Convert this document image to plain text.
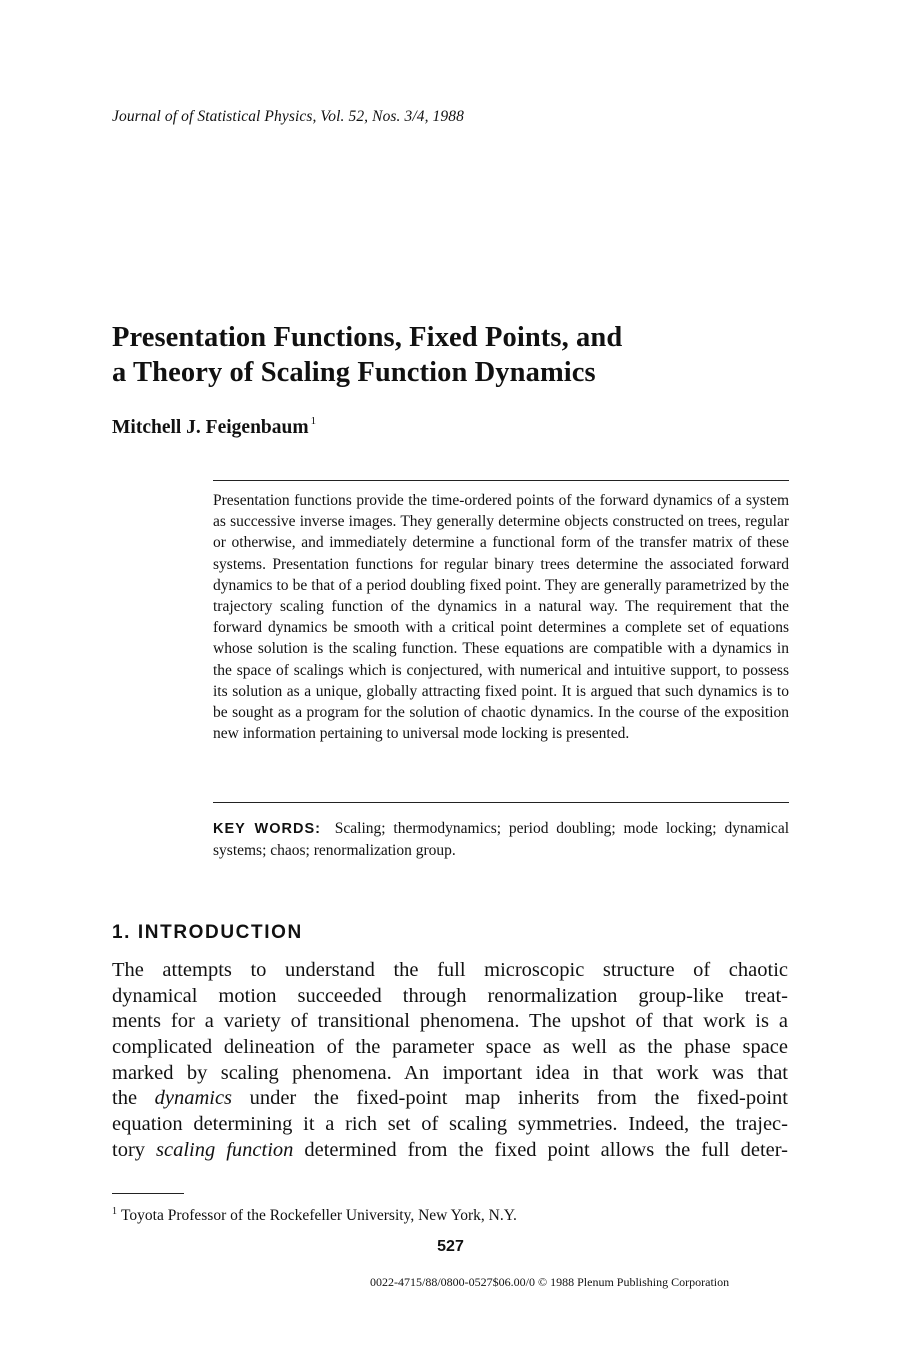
Journal of of Statistical Physics, Vol. 52, Nos. 3/4, 1988
Presentation Functions, Fixed Points, and
a Theory of Scaling Function Dynamics
Mitchell J. Feigenbaum $^1$

Presentation functions provide the time-ordered points of the forward dynamics of a system as successive inverse images. They generally determine objects constructed on trees, regular or otherwise, and immediately determine a functional form of the transfer matrix of these systems. Presentation functions for regular binary trees determine the associated forward dynamics to be that of a period doubling fixed point. They are generally parametrized by the trajectory scaling function of the dynamics in a natural way. The requirement that the forward dynamics be smooth with a critical point determines a complete set of equations whose solution is the scaling function. These equations are compatible with a dynamics in the space of scalings which is conjectured, with numerical and intuitive support, to possess its solution as a unique, globally attracting fixed point. It is argued that such dynamics is to be sought as a program for the solution of chaotic dynamics. In the course of the exposition new information pertaining to universal mode locking is presented.

KEY WORDS: Scaling; thermodynamics; period doubling; mode locking; dynamical systems; chaos; renormalization group.

1. INTRODUCTION
The attempts to understand the full microscopic structure of chaotic
dynamical motion succeeded through renormalization group-like treat-
ments for a variety of transitional phenomena. The upshot of that work is a
complicated delineation of the parameter space as well as the phase space
marked by scaling phenomena. An important idea in that work was that
the dynamics under the fixed-point map inherits from the fixed-point
equation determining it a rich set of scaling symmetries. Indeed, the trajec-
tory scaling function determined from the fixed point allows the full deter-
$^1$ Toyota Professor of the Rockefeller University, New York, N.Y.
527
0022-4715/88/0800-0527$06.00/0 © 1988 Plenum Publishing Corporation
